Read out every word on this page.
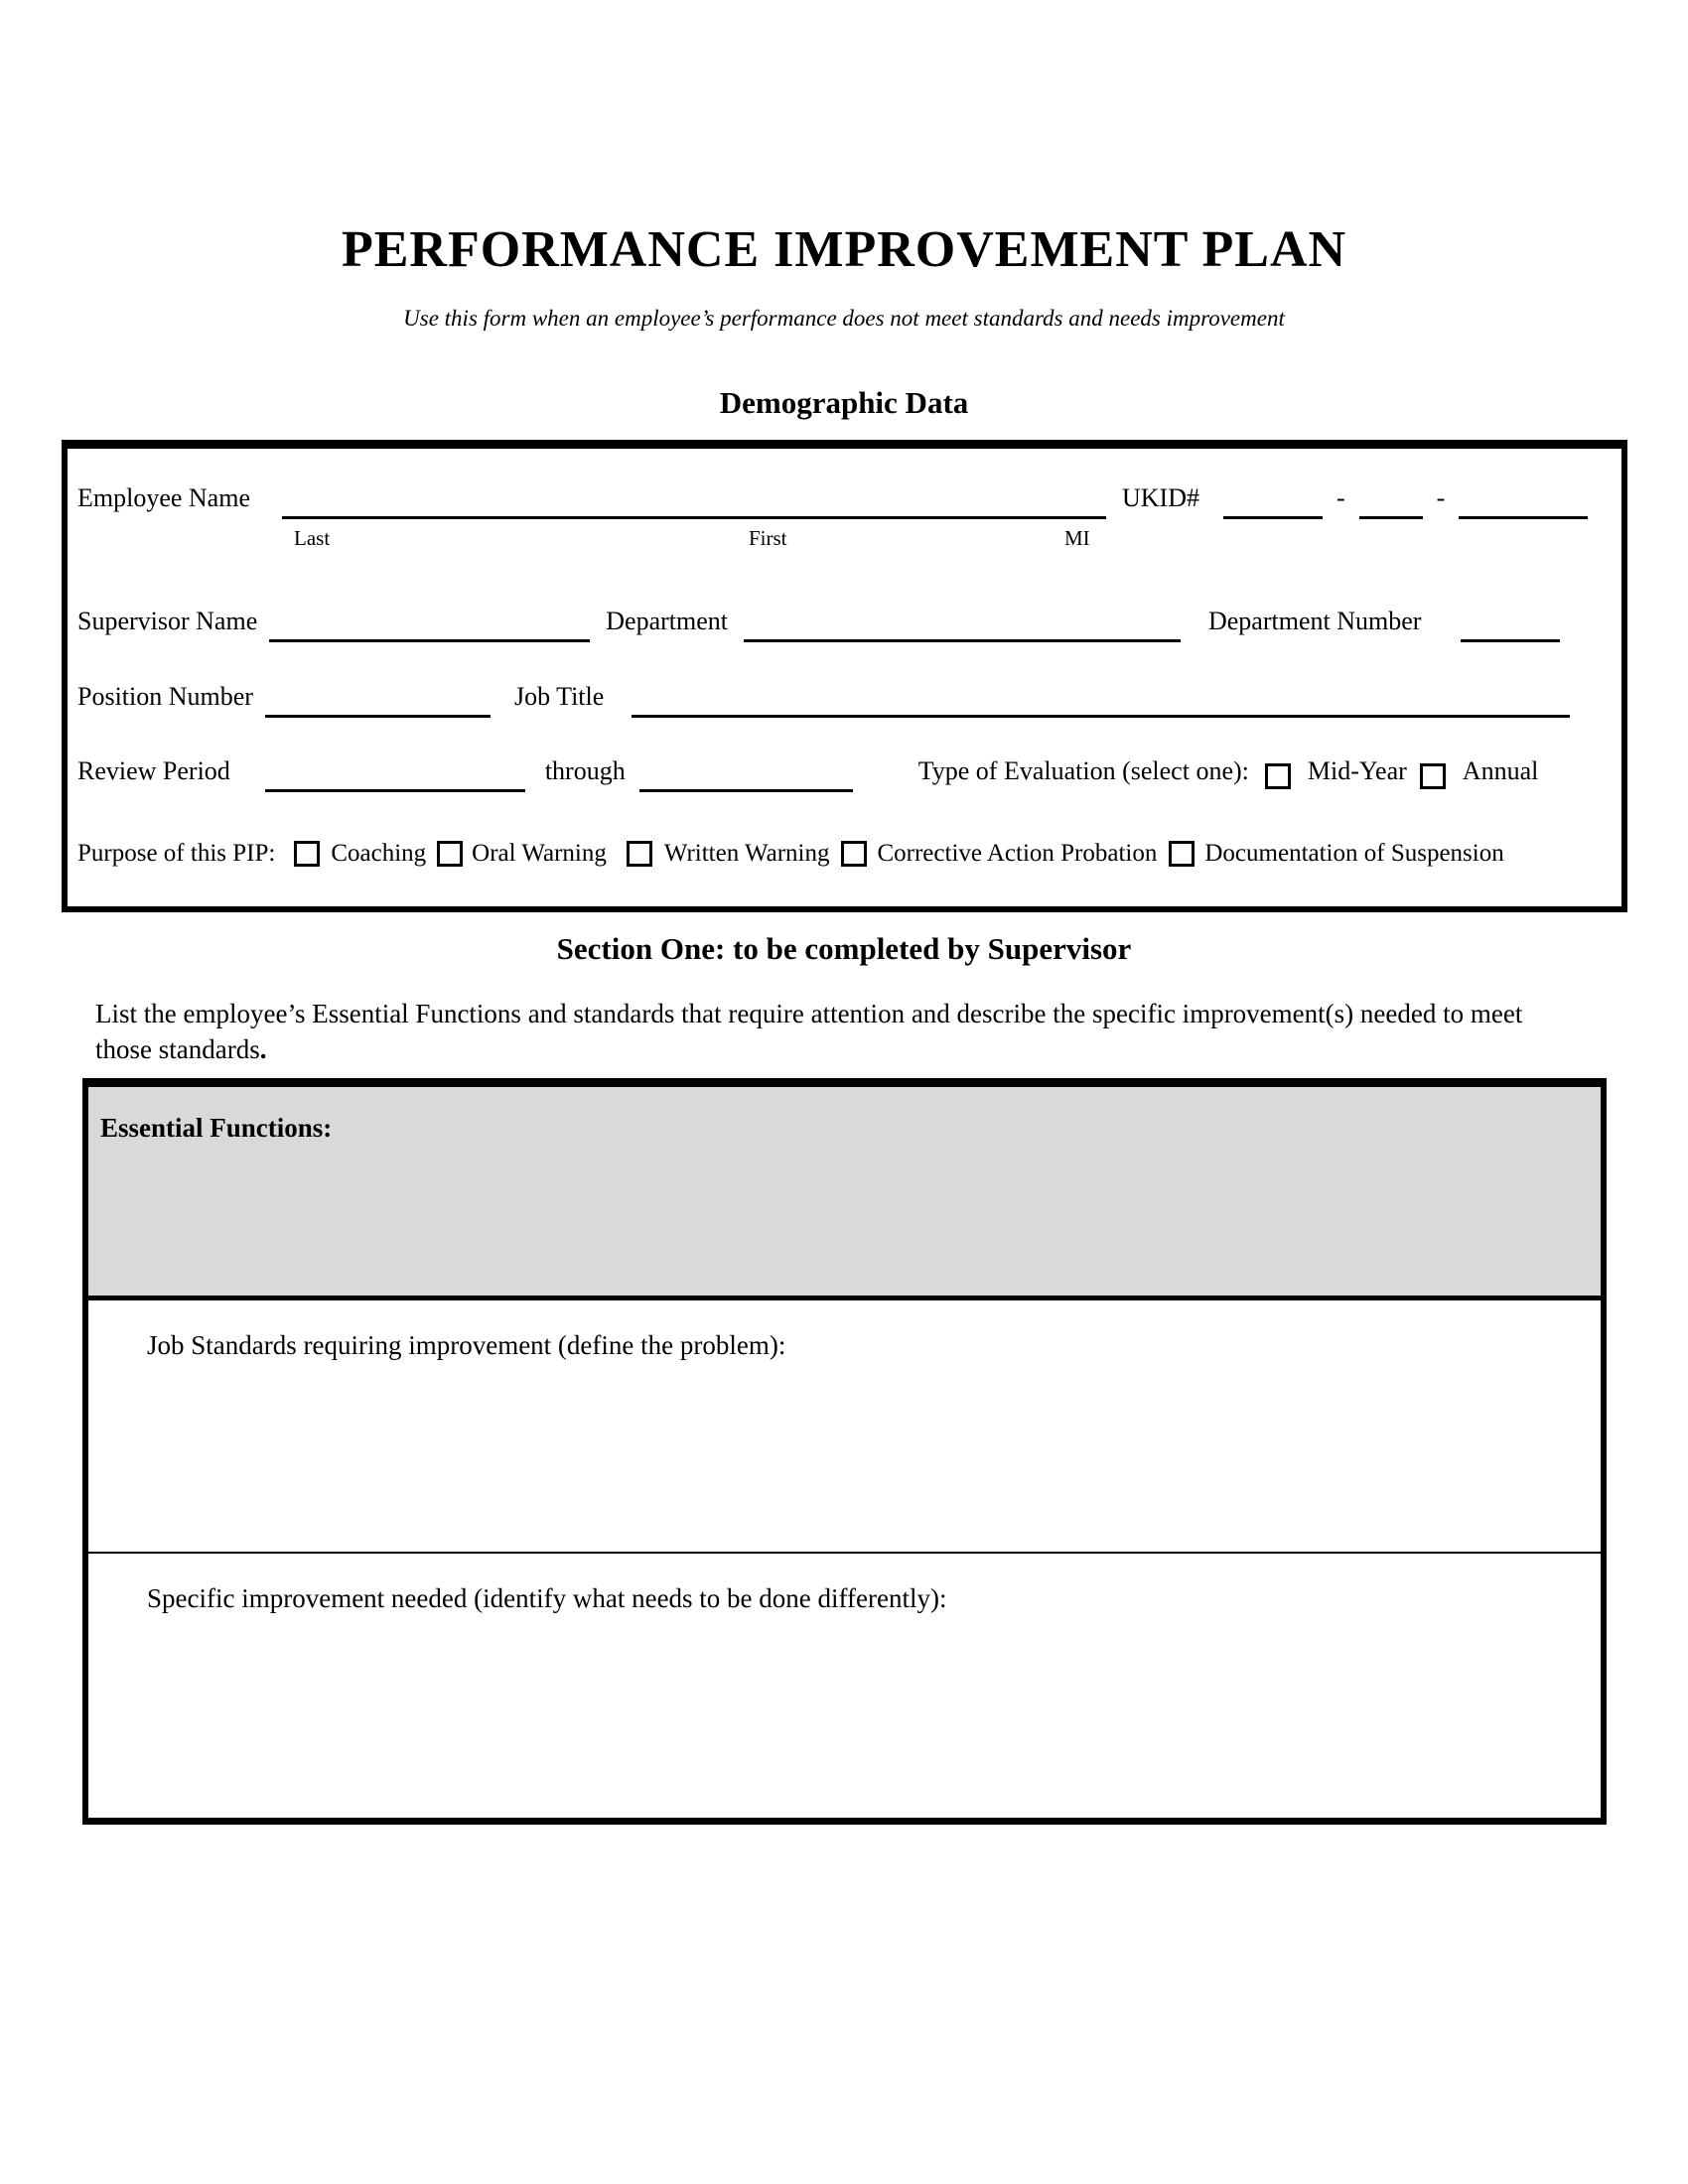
PERFORMANCE IMPROVEMENT PLAN
Use this form when an employee’s performance does not meet standards and needs improvement
Demographic Data
Employee Name	UKID#	-	-
Last	First	MI
Supervisor Name	Department	Department Number
Position Number	Job Title
Review Period	through	Type of Evaluation (select one): Mid-Year Annual
Purpose of this PIP: Coaching Oral Warning Written Warning Corrective Action Probation Documentation of Suspension
Section One: to be completed by Supervisor
List the employee’s Essential Functions and standards that require attention and describe the specific improvement(s) needed to meet those standards.
Essential Functions:
Job Standards requiring improvement (define the problem):
Specific improvement needed (identify what needs to be done differently):
